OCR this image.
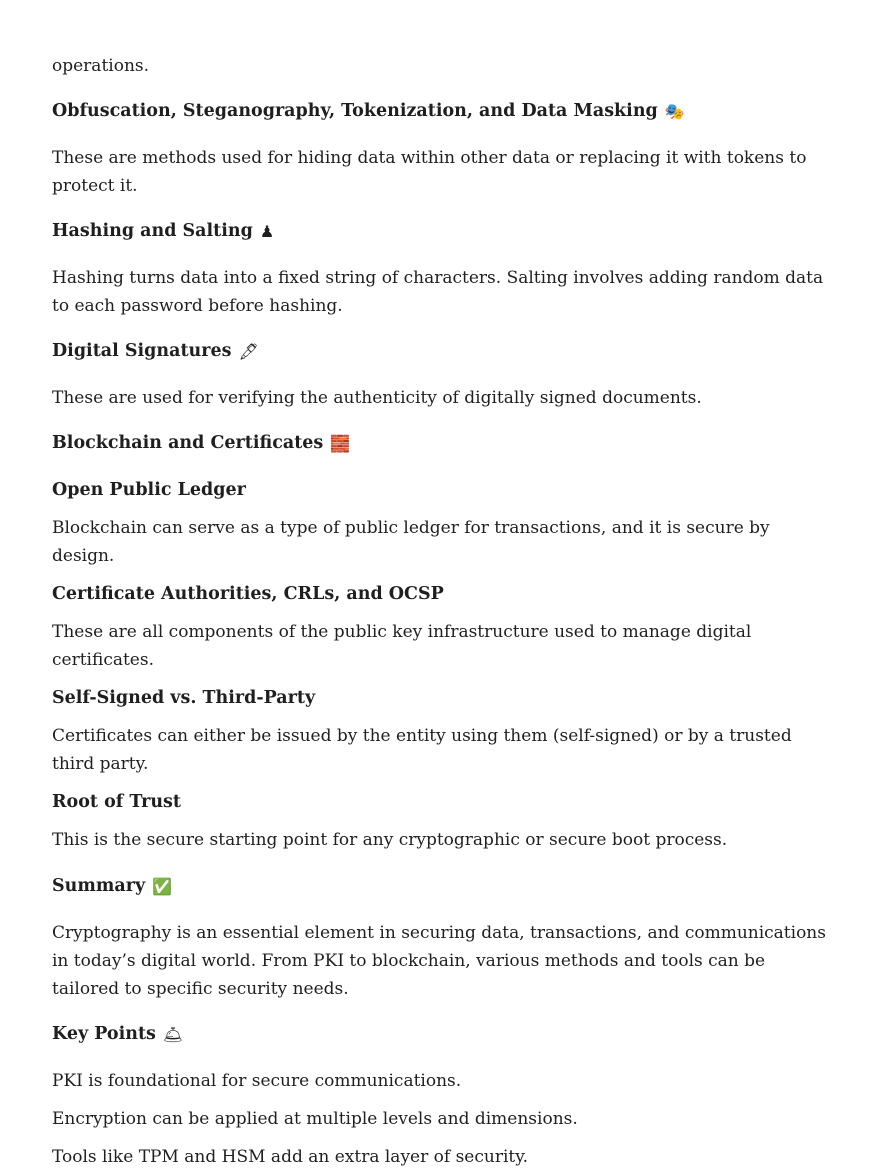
operations.

Obfuscation, Steganography, Tokenization, and Data Masking 🎭

These are methods used for hiding data within other data or replacing it with tokens to protect it.

Hashing and Salting ♟

Hashing turns data into a fixed string of characters. Salting involves adding random data to each password before hashing.

Digital Signatures 🖋

These are used for verifying the authenticity of digitally signed documents.

Blockchain and Certificates 🧱

Open Public Ledger

Blockchain can serve as a type of public ledger for transactions, and it is secure by design.

Certificate Authorities, CRLs, and OCSP

These are all components of the public key infrastructure used to manage digital certificates.

Self-Signed vs. Third-Party

Certificates can either be issued by the entity using them (self-signed) or by a trusted third party.

Root of Trust

This is the secure starting point for any cryptographic or secure boot process.

Summary ✅

Cryptography is an essential element in securing data, transactions, and communications in today’s digital world. From PKI to blockchain, various methods and tools can be tailored to specific security needs.

Key Points 🛎

PKI is foundational for secure communications.

Encryption can be applied at multiple levels and dimensions.

Tools like TPM and HSM add an extra layer of security.
